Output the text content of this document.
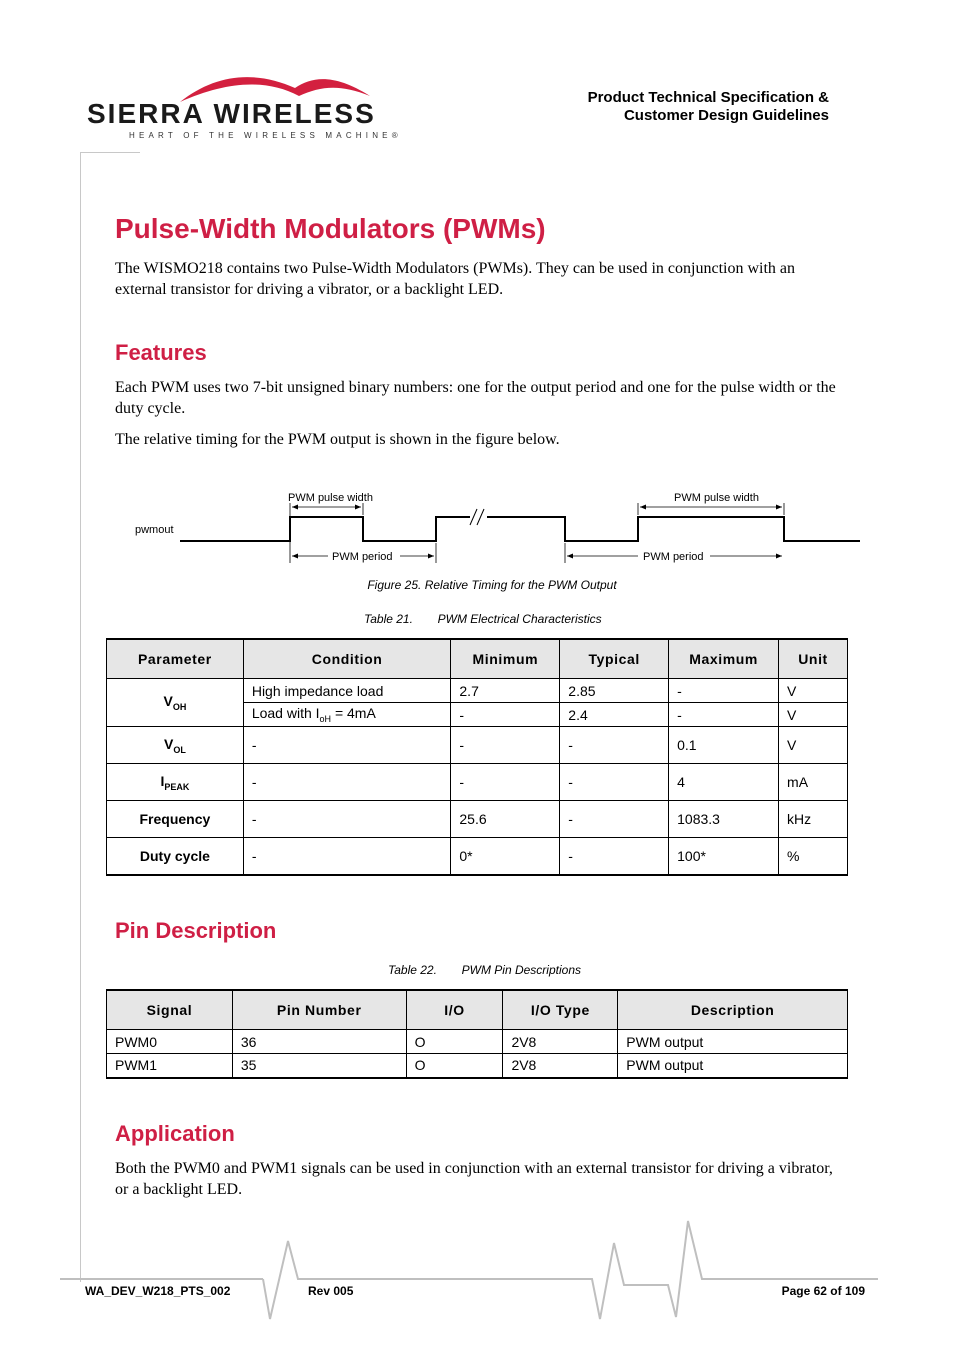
SIERRA WIRELESS
HEART OF THE WIRELESS MACHINE®
Product Technical Specification &
Customer Design Guidelines
Pulse-Width Modulators (PWMs)
The WISMO218 contains two Pulse-Width Modulators (PWMs). They can be used in conjunction with an external transistor for driving a vibrator, or a backlight LED.
Features
Each PWM uses two 7-bit unsigned binary numbers: one for the output period and one for the pulse width or the duty cycle.
The relative timing for the PWM output is shown in the figure below.
pwmout
PWM pulse width	PWM pulse width
PWM period	PWM period
Figure 25. Relative Timing for the PWM Output
Table 21. PWM Electrical Characteristics
Parameter	Condition	Minimum	Typical	Maximum	Unit
$V_{OH}$	High impedance load	2.7	2.85	-	V
	Load with $I_{oH} = 4mA$	-	2.4	-	V
$V_{OL}$	-	-	-	0.1	V
$I_{PEAK}$	-	-	-	4	mA
Frequency	-	25.6	-	1083.3	kHz
Duty cycle	-	0*	-	100*	%
Pin Description
Table 22. PWM Pin Descriptions
Signal	Pin Number	I/O	I/O Type	Description
PWM0	36	O	2V8	PWM output
PWM1	35	O	2V8	PWM output
Application
Both the PWM0 and PWM1 signals can be used in conjunction with an external transistor for driving a vibrator, or a backlight LED.
WA_DEV_W218_PTS_002	Rev 005	Page 62 of 109
